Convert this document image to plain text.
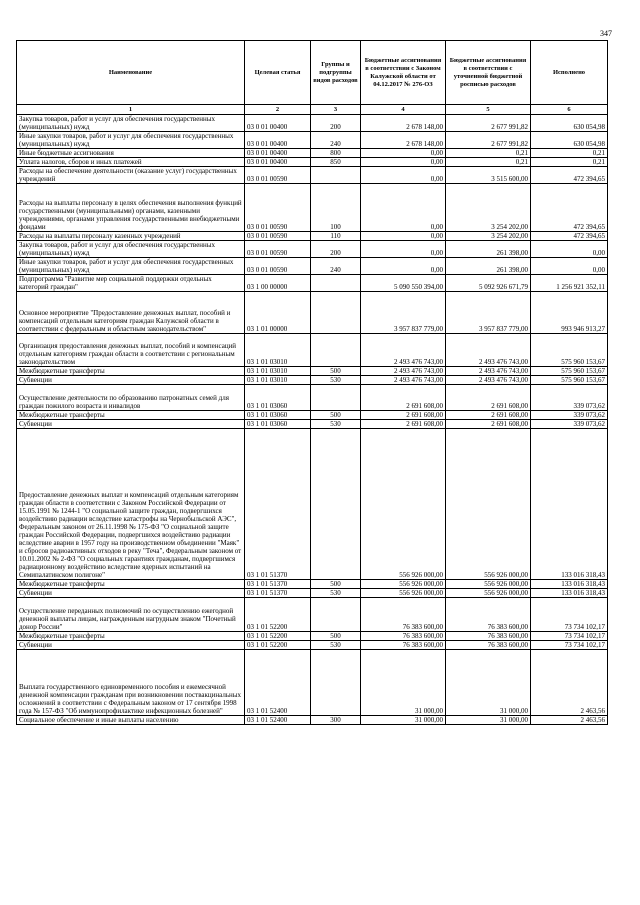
347
Наименование	Целевая статья	Группы и подгруппы видов расходов	Бюджетные ассигнования в соответствии с Законом Калужской области от 04.12.2017 № 276-ОЗ	Бюджетные ассигнования в соответствии с уточненной бюджетной росписью расходов	Исполнено
1	2	3	4	5	6
Закупка товаров, работ и услуг для обеспечения государственных (муниципальных) нужд	03 0 01 00400	200	2 678 148,00	2 677 991,82	630 054,98
Иные закупки товаров, работ и услуг для обеспечения государственных (муниципальных) нужд	03 0 01 00400	240	2 678 148,00	2 677 991,82	630 054,98
Иные бюджетные ассигнования	03 0 01 00400	800	0,00	0,21	0,21
Уплата налогов, сборов и иных платежей	03 0 01 00400	850	0,00	0,21	0,21
Расходы на обеспечение деятельности (оказание услуг) государственных учреждений	03 0 01 00590		0,00	3 515 600,00	472 394,65
Расходы на выплаты персоналу в целях обеспечения выполнения функций государственными (муниципальными) органами, казенными учреждениями, органами управления государственными внебюджетными фондами	03 0 01 00590	100	0,00	3 254 202,00	472 394,65
Расходы на выплаты персоналу казенных учреждений	03 0 01 00590	110	0,00	3 254 202,00	472 394,65
Закупка товаров, работ и услуг для обеспечения государственных (муниципальных) нужд	03 0 01 00590	200	0,00	261 398,00	0,00
Иные закупки товаров, работ и услуг для обеспечения государственных (муниципальных) нужд	03 0 01 00590	240	0,00	261 398,00	0,00
Подпрограмма "Развитие мер социальной поддержки отдельных категорий граждан"	03 1 00 00000		5 090 550 394,00	5 092 926 671,79	1 256 921 352,11
Основное мероприятие "Предоставление денежных выплат, пособий и компенсаций отдельным категориям граждан Калужской области в соответствии с федеральным и областным законодательством"	03 1 01 00000		3 957 837 779,00	3 957 837 779,00	993 946 913,27
Организация предоставления денежных выплат, пособий и компенсаций отдельным категориям граждан области в соответствии с региональным законодательством	03 1 01 03010		2 493 476 743,00	2 493 476 743,00	575 960 153,67
Межбюджетные трансферты	03 1 01 03010	500	2 493 476 743,00	2 493 476 743,00	575 960 153,67
Субвенции	03 1 01 03010	530	2 493 476 743,00	2 493 476 743,00	575 960 153,67
Осуществление деятельности по образованию патронатных семей для граждан пожилого возраста и инвалидов	03 1 01 03060		2 691 608,00	2 691 608,00	339 073,62
Межбюджетные трансферты	03 1 01 03060	500	2 691 608,00	2 691 608,00	339 073,62
Субвенции	03 1 01 03060	530	2 691 608,00	2 691 608,00	339 073,62
Предоставление денежных выплат и компенсаций отдельным категориям граждан области в соответствии с Законом Российской Федерации от 15.05.1991 № 1244-1 "О социальной защите граждан, подвергшихся воздействию радиации вследствие катастрофы на Чернобыльской АЭС", Федеральным законом от 26.11.1998 № 175-ФЗ "О социальной защите граждан Российской Федерации, подвергшихся воздействию радиации вследствие аварии в 1957 году на производственном объединении "Маяк" и сбросов радиоактивных отходов в реку "Теча", Федеральным законом от 10.01.2002 № 2-ФЗ "О социальных гарантиях гражданам, подвергшимся радиационному воздействию вследствие ядерных испытаний на Семипалатинском полигоне"	03 1 01 51370		556 926 000,00	556 926 000,00	133 016 318,43
Межбюджетные трансферты	03 1 01 51370	500	556 926 000,00	556 926 000,00	133 016 318,43
Субвенции	03 1 01 51370	530	556 926 000,00	556 926 000,00	133 016 318,43
Осуществление переданных полномочий по осуществлению ежегодной денежной выплаты лицам, награжденным нагрудным знаком "Почетный донор России"	03 1 01 52200		76 383 600,00	76 383 600,00	73 734 102,17
Межбюджетные трансферты	03 1 01 52200	500	76 383 600,00	76 383 600,00	73 734 102,17
Субвенции	03 1 01 52200	530	76 383 600,00	76 383 600,00	73 734 102,17
Выплата государственного единовременного пособия и ежемесячной денежной компенсации гражданам при возникновении поствакцинальных осложнений в соответствии с Федеральным законом от 17 сентября 1998 года № 157-ФЗ "Об иммунопрофилактике инфекционных болезней"	03 1 01 52400		31 000,00	31 000,00	2 463,56
Социальное обеспечение и иные выплаты населению	03 1 01 52400	300	31 000,00	31 000,00	2 463,56
